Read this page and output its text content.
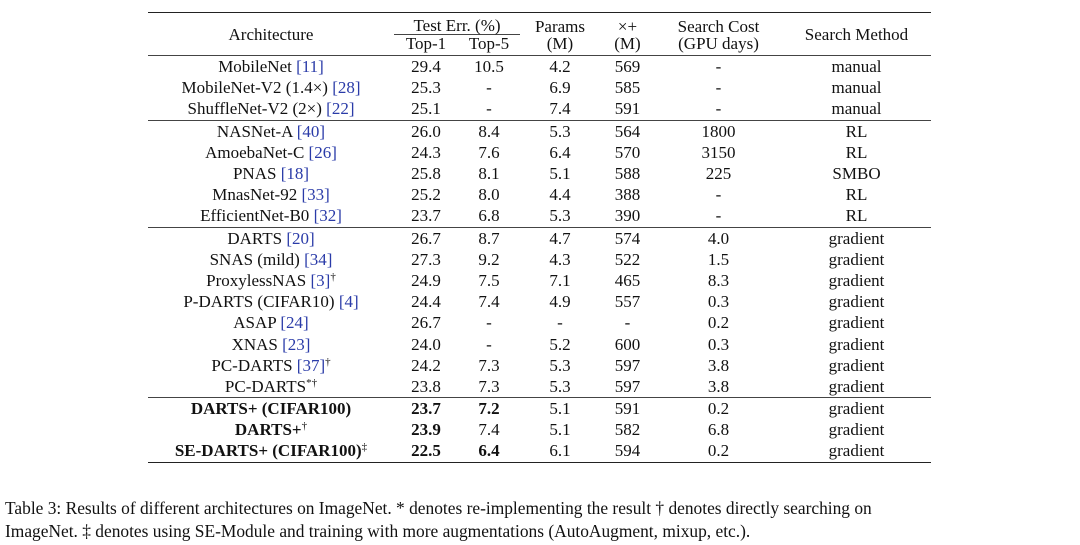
Architecture	Test Err. (%)		Params	×+	Search Cost	Search Method
	Top-1	Top-5	(M)	(M)	(GPU days)	
MobileNet [11]	29.4	10.5	4.2	569	-	manual
MobileNet-V2 (1.4×) [28]	25.3	-	6.9	585	-	manual
ShuffleNet-V2 (2×) [22]	25.1	-	7.4	591	-	manual
NASNet-A [40]	26.0	8.4	5.3	564	1800	RL
AmoebaNet-C [26]	24.3	7.6	6.4	570	3150	RL
PNAS [18]	25.8	8.1	5.1	588	225	SMBO
MnasNet-92 [33]	25.2	8.0	4.4	388	-	RL
EfficientNet-B0 [32]	23.7	6.8	5.3	390	-	RL
DARTS [20]	26.7	8.7	4.7	574	4.0	gradient
SNAS (mild) [34]	27.3	9.2	4.3	522	1.5	gradient
ProxylessNAS [3]†	24.9	7.5	7.1	465	8.3	gradient
P-DARTS (CIFAR10) [4]	24.4	7.4	4.9	557	0.3	gradient
ASAP [24]	26.7	-	-	-	0.2	gradient
XNAS [23]	24.0	-	5.2	600	0.3	gradient
PC-DARTS [37]†	24.2	7.3	5.3	597	3.8	gradient
PC-DARTS*†	23.8	7.3	5.3	597	3.8	gradient
DARTS+ (CIFAR100)	23.7	7.2	5.1	591	0.2	gradient
DARTS+†	23.9	7.4	5.1	582	6.8	gradient
SE-DARTS+ (CIFAR100)‡	22.5	6.4	6.1	594	0.2	gradient
Table 3: Results of different architectures on ImageNet. * denotes re-implementing the result † denotes directly searching on
ImageNet. ‡ denotes using SE-Module and training with more augmentations (AutoAugment, mixup, etc.).
